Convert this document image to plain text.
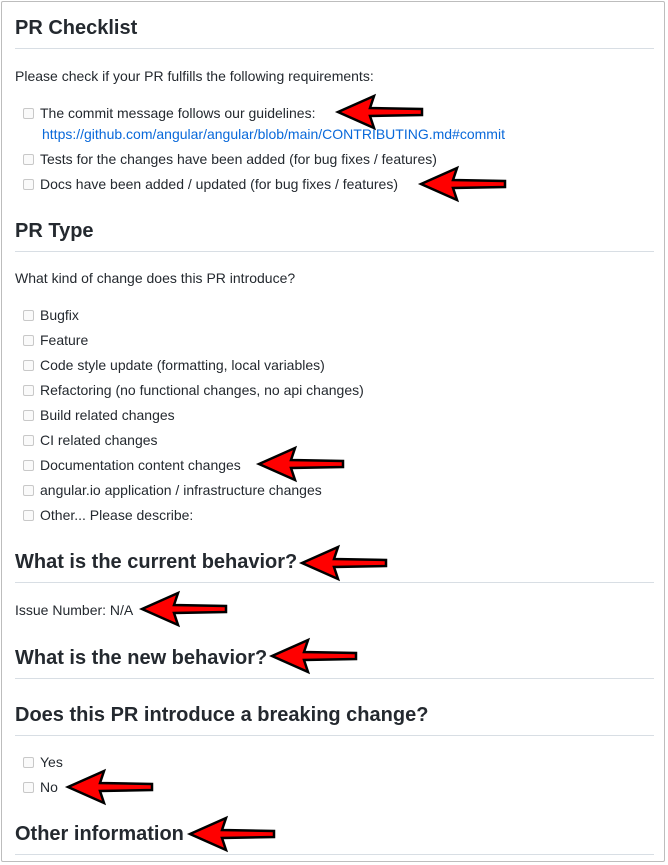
PR Checklist
Please check if your PR fulfills the following requirements:
The commit message follows our guidelines:
https://github.com/angular/angular/blob/main/CONTRIBUTING.md#commit
Tests for the changes have been added (for bug fixes / features)
Docs have been added / updated (for bug fixes / features)
PR Type
What kind of change does this PR introduce?
Bugfix
Feature
Code style update (formatting, local variables)
Refactoring (no functional changes, no api changes)
Build related changes
CI related changes
Documentation content changes
angular.io application / infrastructure changes
Other... Please describe:
What is the current behavior?
Issue Number: N/A
What is the new behavior?
Does this PR introduce a breaking change?
Yes
No
Other information
